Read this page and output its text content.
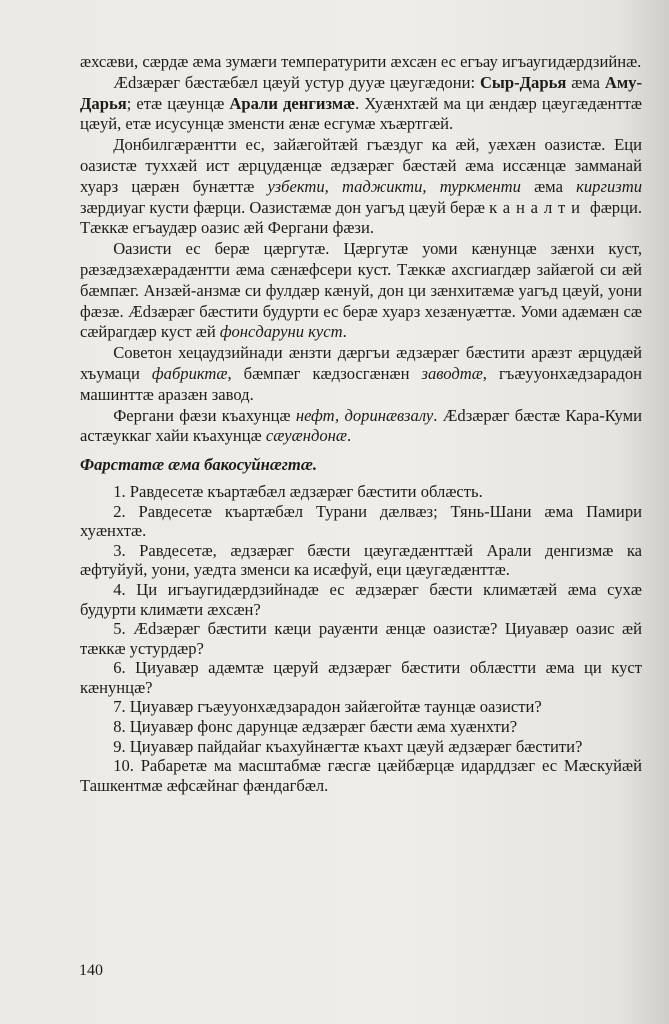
æхсæви, сæрдæ æма зумæги температурити æхсæн ес егъау игъаугидæрдзийнæ.

Ædзæрæг бæстæбæл цæуй устур дууæ цæугæдони: Сыр-Дарья æма Аму-Дарья; етæ цæунцæ Арали денгизмæ. Хуæнхтæй ма ци æндæр цæугæдæнттæ цæуй, етæ исусунцæ зменсти æнæ есгумæ хъæртгæй.

Донбилгæрæнтти ес, зайæгойтæй гъæздуг ка æй, уæхæн оазистæ. Еци оазистæ туххæй ист æрцудæнцæ æдзæрæг бæстæй æма иссæнцæ замманай хуарз цæрæн бунæттæ узбекти, таджикти, туркменти æма киргизти зæрдиуаг кусти фæрци. Оазистæмæ дон уагъд цæуй берæ каналти фæрци. Тæккæ егъаудæр оазис æй Фергани фæзи.

Оазисти ес берæ цæргутæ. Цæргутæ уоми кæнунцæ зæнхи куст, рæзæдзæхæрадæнтти æма сæнæфсери куст. Тæккæ ахсгиагдæр зайæгой си æй бæмпæг. Анзæй-анзмæ си фулдæр кæнуй, дон ци зæнхитæмæ уагъд цæуй, уони фæзæ. Ædзæрæг бæстити будурти ес берæ хуарз хезæнуæттæ. Уоми адæмæн сæ сæйрагдæр куст æй фонсдаруни куст.

Советон хецаудзийнади æнзти дæргъи æдзæрæг бæстити арæзт æрцудæй хъумаци фабриктæ, бæмпæг кæдзосгæнæн заводтæ, гъæууонхæдзарадон машинттæ аразæн завод.

Фергани фæзи къахунцæ нефт, доринæвзалу. Ædзæрæг бæстæ Кара-Куми астæуккаг хайи къахунцæ сæуæндонæ.

Фарстатæ æма бакосуйнæгтæ.

1. Равдесетæ къартæбæл æдзæрæг бæстити облæсть.

2. Равдесетæ къартæбæл Турани дæлвæз; Тянь-Шани æма Памири хуæнхтæ.

3. Равдесетæ, æдзæрæг бæсти цæугæдæнттæй Арали денгизмæ ка æфтуйуй, уони, уæдта зменси ка исæфуй, еци цæугæдæнттæ.

4. Ци игъаугидæрдзийнадæ ес æдзæрæг бæсти климæтæй æма сухæ будурти климæти æхсæн?

5. Ædзæрæг бæстити кæци рауæнти æнцæ оазистæ? Циуавæр оазис æй тæккæ устурдæр?

6. Циуавæр адæмтæ цæруй æдзæрæг бæстити облæстти æма ци куст кæнунцæ?

7. Циуавæр гъæууонхæдзарадон зайæгойтæ таунцæ оазисти?

8. Циуавæр фонс дарунцæ æдзæрæг бæсти æма хуæнхти?

9. Циуавæр пайдайаг къахуйнæгтæ къахт цæуй æдзæрæг бæстити?

10. Рабаретæ ма масштабмæ гæсгæ цæйбæрцæ идарддзæг ес Мæскуйæй Ташкентмæ æфсæйнаг фæндагбæл.

140
